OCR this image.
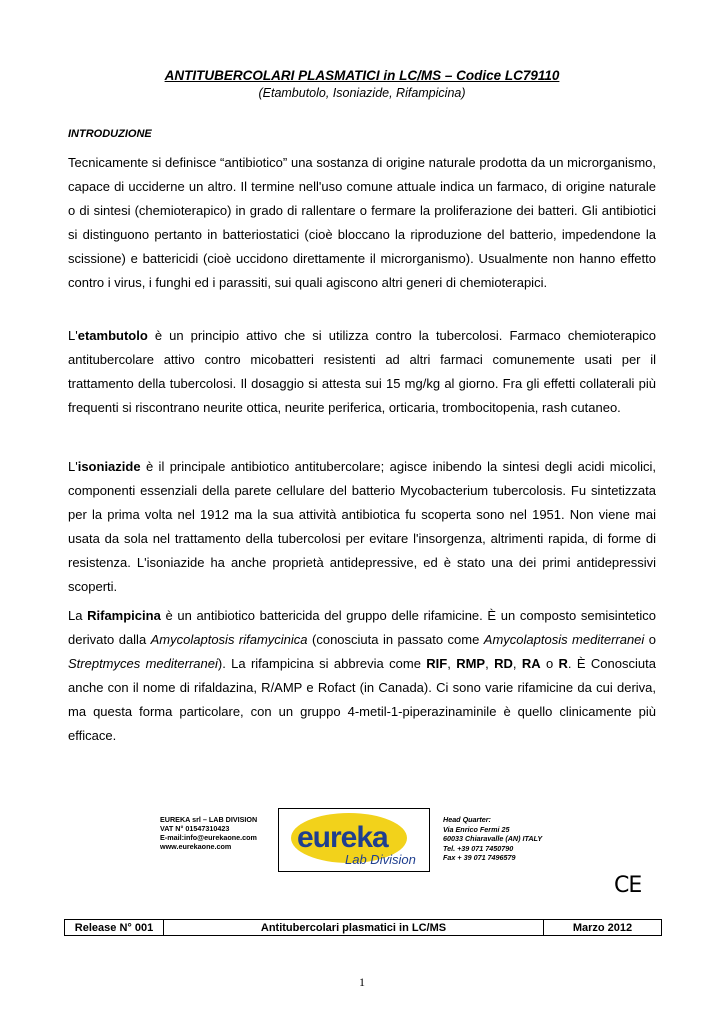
ANTITUBERCOLARI PLASMATICI in LC/MS – Codice LC79110
(Etambutolo, Isoniazide, Rifampicina)
INTRODUZIONE
Tecnicamente si definisce “antibiotico” una sostanza di origine naturale prodotta da un microrganismo, capace di ucciderne un altro. Il termine nell'uso comune attuale indica un farmaco, di origine naturale o di sintesi (chemioterapico) in grado di rallentare o fermare la proliferazione dei batteri. Gli antibiotici si distinguono pertanto in batteriostatici (cioè bloccano la riproduzione del batterio, impedendone la scissione) e battericidi (cioè uccidono direttamente il microrganismo). Usualmente non hanno effetto contro i virus, i funghi ed i parassiti, sui quali agiscono altri generi di chemioterapici.
L'etambutolo è un principio attivo che si utilizza contro la tubercolosi. Farmaco chemioterapico antitubercolare attivo contro micobatteri resistenti ad altri farmaci comunemente usati per il trattamento della tubercolosi. Il dosaggio si attesta sui 15 mg/kg al giorno. Fra gli effetti collaterali più frequenti si riscontrano neurite ottica, neurite periferica, orticaria, trombocitopenia, rash cutaneo.
L'isoniazide è il principale antibiotico antitubercolare; agisce inibendo la sintesi degli acidi micolici, componenti essenziali della parete cellulare del batterio Mycobacterium tubercolosis. Fu sintetizzata per la prima volta nel 1912 ma la sua attività antibiotica fu scoperta sono nel 1951. Non viene mai usata da sola nel trattamento della tubercolosi per evitare l'insorgenza, altrimenti rapida, di forme di resistenza. L'isoniazide ha anche proprietà antidepressive, ed è stato una dei primi antidepressivi scoperti.
La Rifampicina è un antibiotico battericida del gruppo delle rifamicine. È un composto semisintetico derivato dalla Amycolaptosis rifamycinica (conosciuta in passato come Amycolaptosis mediterranei o Streptmyces mediterranei). La rifampicina si abbrevia come RIF, RMP, RD, RA o R. È Conosciuta anche con il nome di rifaldazina, R/AMP e Rofact (in Canada). Ci sono varie rifamicine da cui deriva, ma questa forma particolare, con un gruppo 4-metil-1-piperazinaminile è quello clinicamente più efficace.
EUREKA srl – LAB DIVISION
VAT N° 01547310423
E-mail:info@eurekaone.com
www.eurekaone.com	eureka
Lab Division
Head Quarter:
Via Enrico Fermi 25
60033 Chiaravalle (AN) ITALY
Tel. +39 071 7450790
Fax + 39 071 7496579
CE
Release N° 001	Antitubercolari plasmatici in LC/MS	Marzo 2012
1
